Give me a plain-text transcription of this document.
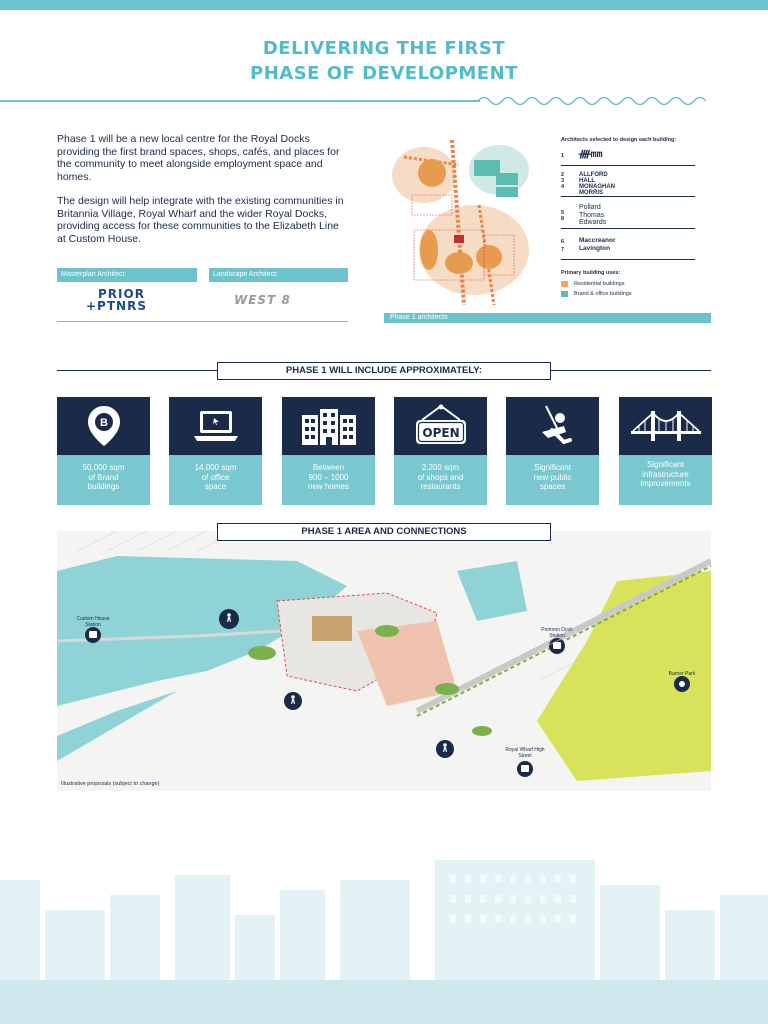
DELIVERING THE FIRST
PHASE OF DEVELOPMENT

Phase 1 will be a new local centre for the Royal Docks providing the first brand spaces, shops, cafés, and places for the community to meet alongside employment space and homes.

The design will help integrate with the existing communities in Britannia Village, Royal Wharf and the wider Royal Docks, providing access for these communities to the Elizabeth Line at Custom House.

Masterplan Architect:	Landscape Architect:
PRIOR
+PTNRS	WEST 8
Phase 1 architects
Architects selected to design each building:
1 ᚎmm
2
3
4
ALLFORD
HALL
MONAGHAN
MORRIS
5
8
Pollard
Thomas
Edwards
6
7
Maccreanor
Lavington
Primary building uses:
Residential buildings
Brand & office buildings
PHASE 1 WILL INCLUDE APPROXIMATELY:
B
50,000 sqm
of Brand
buildings
14,000 sqm
of office
space
Between
900 – 1000
new homes
OPEN
2,200 sqm
of shops and
restaurants
Significant
new public
spaces
Significant
infrastructure
improvements
PHASE 1 AREA AND CONNECTIONS
Custom House
Station
Pontoon Dock
Station
Barrier Park
Royal Wharf High
Street
Illustrative proposals (subject to change)
